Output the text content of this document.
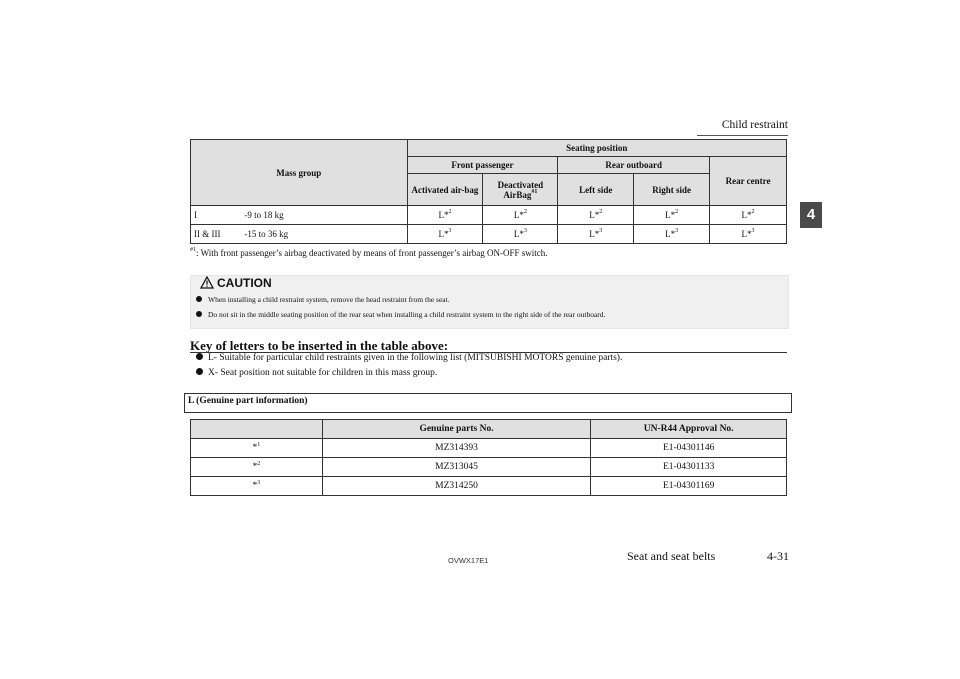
Child restraint
4
Mass group		Seating position				
		Front passenger		Rear outboard		Rear centre
		Activated air-bag	Deactivated AirBag$^{\#1}$	Left side	Right side	
I	-9 to 18 kg	L*$^2$	L*$^2$	L*$^2$	L*$^2$	L*$^2$
II & III	-15 to 36 kg	L*$^3$	L*$^3$	L*$^3$	L*$^3$	L*$^3$
$^{\#1}$: With front passenger’s airbag deactivated by means of front passenger’s airbag ON-OFF switch.
CAUTION
When installing a child restraint system, remove the head restraint from the seat.
Do not sit in the middle seating position of the rear seat when installing a child restraint system to the right side of the rear outboard.
Key of letters to be inserted in the table above:
L- Suitable for particular child restraints given in the following list (MITSUBISHI MOTORS genuine parts).
X- Seat position not suitable for children in this mass group.
L (Genuine part information)
	Genuine parts No.	UN-R44 Approval No.
*$^1$	MZ314393	E1-04301146
*$^2$	MZ313045	E1-04301133
*$^3$	MZ314250	E1-04301169
OVWX17E1	Seat and seat belts	4-31
